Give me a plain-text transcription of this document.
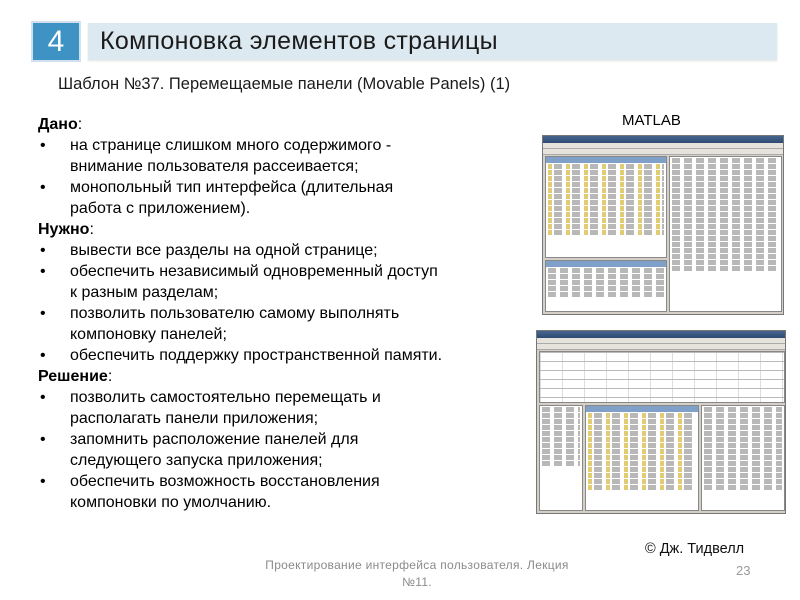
4 Компоновка элементов страницы
Шаблон №37. Перемещаемые панели (Movable Panels) (1)
Дано:
• на странице слишком много содержимого -
внимание пользователя рассеивается;
• монопольный тип интерфейса (длительная
работа с приложением).
Нужно:
• вывести все разделы на одной странице;
• обеспечить независимый одновременный доступ
к разным разделам;
• позволить пользователю самому выполнять
компоновку панелей;
• обеспечить поддержку пространственной памяти.
Решение:
• позволить самостоятельно перемещать и
располагать панели приложения;
• запомнить расположение панелей для
следующего запуска приложения;
• обеспечить возможность восстановления
компоновки по умолчанию.
MATLAB
© Дж. Тидвелл
Проектирование интерфейса пользователя. Лекция
№11.
23
